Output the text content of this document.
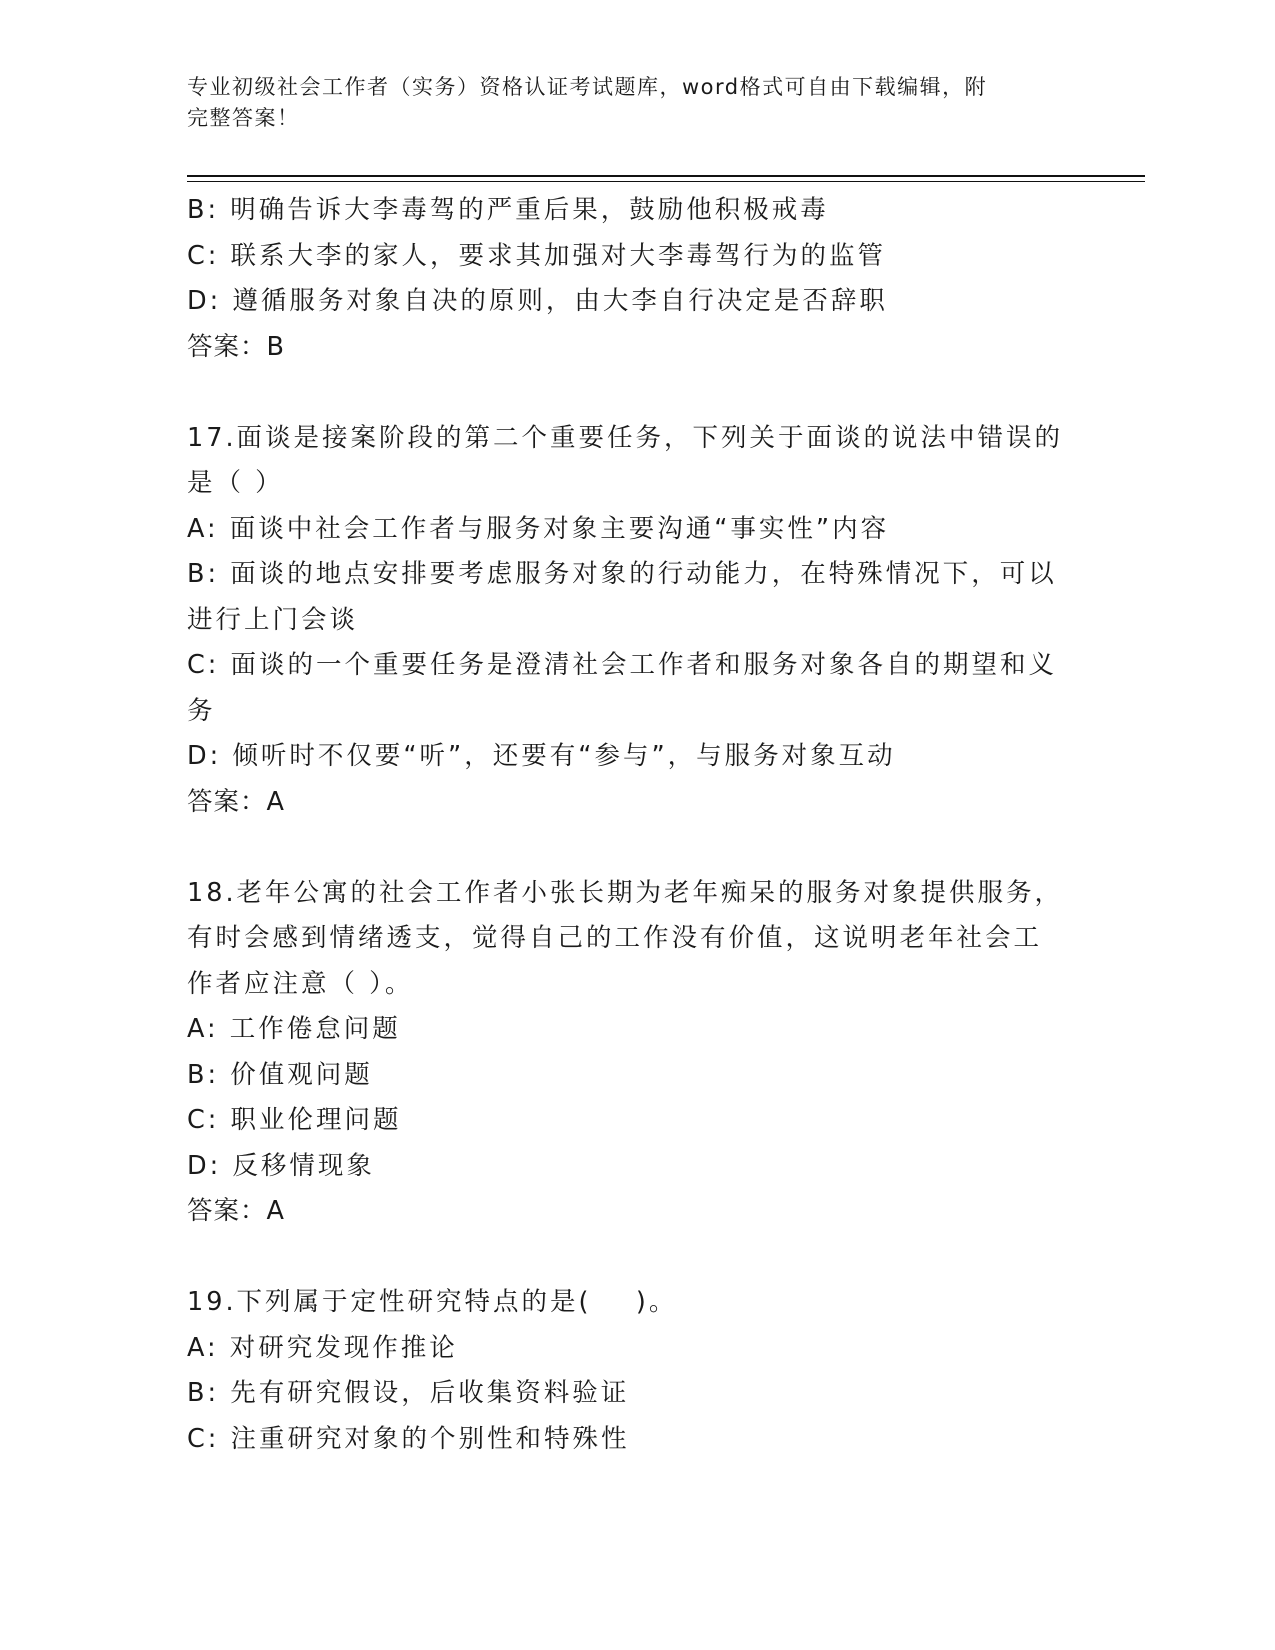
专业初级社会工作者（实务）资格认证考试题库，word格式可自由下载编辑，附
完整答案！
B: 明确告诉大李毒驾的严重后果，鼓励他积极戒毒
C: 联系大李的家人，要求其加强对大李毒驾行为的监管
D: 遵循服务对象自决的原则，由大李自行决定是否辞职
答案：B
17.面谈是接案阶段的第二个重要任务，下列关于面谈的说法中错误的
是（ ）
A: 面谈中社会工作者与服务对象主要沟通“事实性”内容
B: 面谈的地点安排要考虑服务对象的行动能力，在特殊情况下，可以
进行上门会谈
C: 面谈的一个重要任务是澄清社会工作者和服务对象各自的期望和义
务
D: 倾听时不仅要“听”，还要有“参与”，与服务对象互动
答案：A
18.老年公寓的社会工作者小张长期为老年痴呆的服务对象提供服务，
有时会感到情绪透支，觉得自己的工作没有价值，这说明老年社会工
作者应注意（ ）。
A: 工作倦怠问题
B: 价值观问题
C: 职业伦理问题
D: 反移情现象
答案：A
19.下列属于定性研究特点的是(    )。
A: 对研究发现作推论
B: 先有研究假设，后收集资料验证
C: 注重研究对象的个别性和特殊性
